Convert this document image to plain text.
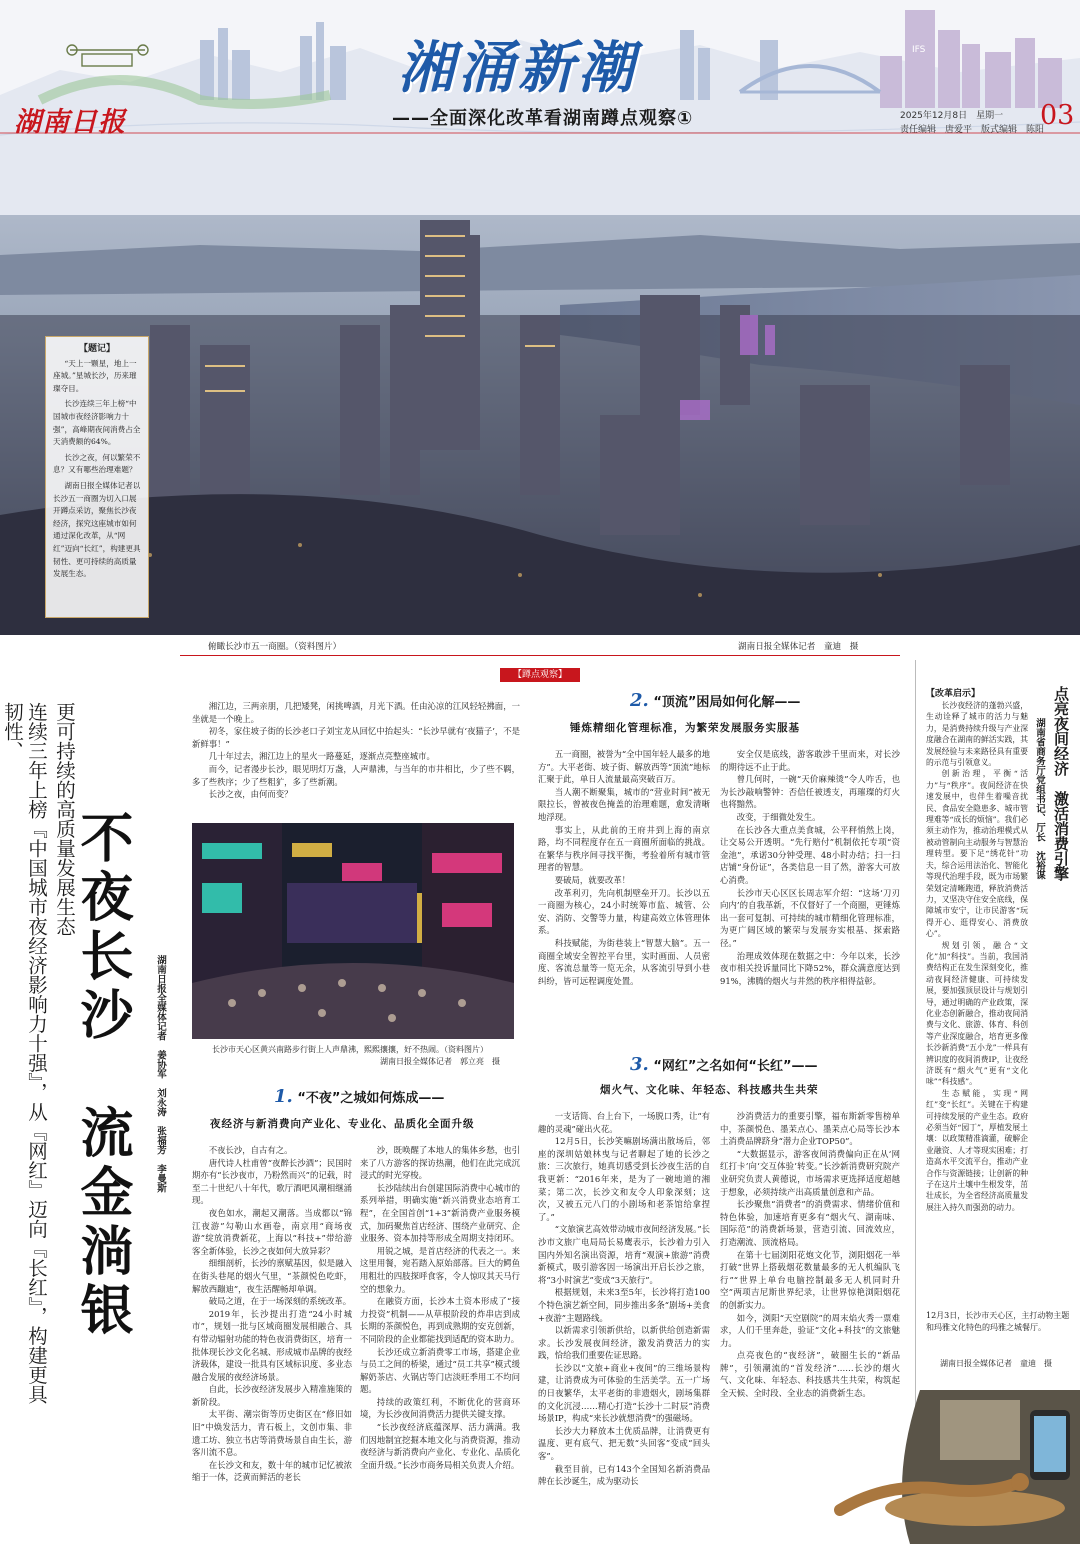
IFS
湖南日报
湘涌新潮
——全面深化改革看湖南蹲点观察①	2025年12月8日　星期一
责任编辑　唐爱平　版式编辑　陈阳
03
【题记】

“天上一颗星，地上一座城。”星城长沙，历来璀璨夺目。

长沙连续三年上榜“中国城市夜经济影响力十强”，高峰期夜间消费占全天消费额的64%。

长沙之夜，何以繁荣不息？又有哪些治理难题？

湖南日报全媒体记者以长沙五一商圈为切入口展开蹲点采访，聚焦长沙夜经济，探究这座城市如何通过深化改革，从“网红”迈向“长红”，构建更具韧性、更可持续的高质量发展生态。

俯瞰长沙市五一商圈。（资料图片）	湖南日报全媒体记者　童迪　摄
【蹲点观察】
更可持续的高质量发展生态
连续三年上榜『中国城市夜经济影响力十强』，从『网红』迈向『长红』，构建更具韧性、
不夜长沙　流金淌银	湖南日报全媒体记者　姜协军　刘永涛　张福芳　李曼斯

湘江边，三两亲朋，几把矮凳，闲挑啤酒，月光下酒。任由沁凉的江风轻轻拂面，一坐就是一个晚上。

初冬，家住坡子街的长沙老口子刘宝龙从回忆中抬起头：“长沙早就有‘夜猫子’，不是新鲜事！”

几十年过去，湘江边上的星火一路蔓延，逐渐点亮整座城市。

而今，记者漫步长沙，眼见明灯万盏，人声鼎沸，与当年的市井相比，少了些不羁，多了些秩序；少了些粗犷，多了些新潮。

长沙之夜，由何而变？

长沙市天心区黄兴南路步行街上人声鼎沸，熙熙攘攘，好不热闹。（资料图片）
湖南日报全媒体记者　郭立亮　摄
1. “不夜”之城如何炼成——
夜经济与新消费向产业化、专业化、品质化全面升级

不夜长沙，自古有之。

唐代诗人杜甫曾“夜醉长沙酒”；民国时期亦有“长沙夜市，乃粉然而兴”的记载，时至二十世纪八十年代，歌厅酒吧风潮相继涌现。

夜色如水，潮起又潮落。当成都以“锦江夜游”勾勒山水画卷，南京用“商场夜游”绽放消费新花，上海以“科技+”带给游客全新体验，长沙之夜如何大放异彩？

细细剖析，长沙的禀赋基因，似是融入在街头巷尾的烟火气里，“茶颜悦色吃虾，解放西蹦迪”，夜生活醒畅却单调。

破局之道，在于一场深刻的系统改革。

2019年，长沙提出打造“24小时城市”，规划一批与区域商圈发展相融合、具有带动辐射功能的特色夜消费街区，培育一批体现长沙文化名城、形成城市品牌的夜经济载体，建设一批具有区域标识度、多业态融合发展的夜经济场景。

自此，长沙夜经济发展步入精准施策的新阶段。

太平街、潮宗街等历史街区在“修旧如旧”中焕发活力，青石板上，文创市集、非遗工坊、独立书店等消费场景自由生长，游客川流不息。

在长沙文和友，数十年的城市记忆被浓缩于一体，泛黄而鲜活的老长

沙，既唤醒了本地人的集体乡愁，也引来了八方游客的探访热潮，他们在此完成沉浸式的时光穿梭。

长沙陆续出台创建国际消费中心城市的系列举措，明确实施“新兴消费业态培育工程”，在全国首创“1+3”新消费产业服务模式，加码聚焦首店经济、围绕产业研究、企业服务、资本加持等形成全周期支持闭环。

用锐之城，是首店经济的代表之一。来这里用餐，宛若踏入原始部落。巨大的鳄鱼用粗壮的四肢探呼食客，令人惊叹其天马行空的想象力。

在融资方面，长沙本土资本形成了“接力投资”机制——从草根阶段的炸串店到成长期的茶颜悦色，再到成熟期的安克创新，不同阶段的企业都能找到适配的资本助力。

长沙还成立新消费零工市场，搭建企业与员工之间的桥梁，通过“员工共享”模式缓解奶茶店、火锅店等门店淡旺季用工不均问题。

持续的政策红利，不断优化的营商环境，为长沙夜间消费活力提供关键支撑。

“长沙夜经济底蕴深厚、活力满满。我们因地制宜挖掘本地文化与消费资源，推动夜经济与新消费向产业化、专业化、品质化全面升级。”长沙市商务局相关负责人介绍。

2. “顶流”困局如何化解——
锤炼精细化管理标准，为繁荣发展服务实服基

五一商圈，被誉为“全中国年轻人最多的地方”。大平老街、坡子街、解放西等“顶流”地标汇聚于此，单日人流量最高突破百万。

当人潮不断聚集，城市的“营业时间”被无限拉长，曾被夜色掩盖的治理难题，愈发清晰地浮现。

事实上，从此前的王府井到上海的南京路，均不同程度存在五一商圈所面临的挑战。在繁华与秩序间寻找平衡，考验着所有城市管理者的智慧。

要破局，就要改革！

改革利刃，先向机制壁垒开刀。长沙以五一商圈为核心，24小时统筹市监、城管、公安、消防、交警等力量，构建高效立体管理体系。

科技赋能，为街巷装上“智慧大脑”。五一商圈全域安全智控平台里，实时画面、人员密度、客流总量等一览无余，从客流引导到小巷纠纷，皆可远程调度处置。

安全仅是底线，游客敢涉千里而来，对长沙的期待远不止于此。

曾几何时，一碗“天价麻辣烫”令人咋舌，也为长沙敲响警钟：否信任被透支，再璀璨的灯火也将黯然。

改变，于细微处发生。

在长沙各大重点美食城，公平秤悄然上岗，让交易公开透明。“先行赔付”机制依托专项“资金池”，承诺30分钟受理、48小时办结；扫一扫店铺“身份证”，各类信息一目了然，游客大可放心消费。

长沙市天心区区长周志军介绍：“这场‘刀刃向内’的自我革新，不仅督好了一个商圈，更锤炼出一套可复制、可持续的城市精细化管理标准，为更广阔区域的繁荣与发展夯实根基、探索路径。”

治理成效体现在数据之中：今年以来，长沙夜市相关投诉量同比下降52%，群众满意度达到91%，沸腾的烟火与井然的秩序相得益彰。

3. “网红”之名如何“长红”——
烟火气、文化味、年轻态、科技感共生共荣

一支话筒、台上台下，一场脱口秀，让“有趣的灵魂”碰出火花。

12月5日，长沙笑嘛剧场满出散场后，邻座的深圳姑娘林曳与记者聊起了她的长沙之旅：三次旅行，她真切感受到长沙夜生活的自我更新：“2016年来，是为了一碗地道的湘菜；第二次，长沙文和友令人印象深刻；这次，又被五元八门的小剧场和老茶馆给拿捏了。”

“文旅演艺高效带动城市夜间经济发展。”长沙市文旅广电局局长易鹰表示，长沙着力引入国内外知名演出资源，培育“观演+旅游”消费新模式，吸引游客因一场演出开启长沙之旅，将“3小时演艺”变成“3天旅行”。

根据规划，未来3至5年，长沙将打造100个特色演艺新空间，同步推出多条“剧场+美食+夜游”主题路线。

以新需求引领新供给，以新供给创造新需求。长沙发展夜间经济，激发消费活力的实践，恰给我们重要佐证思路。

长沙以“文旅+商业+夜间”的三维场景构建，让消费成为可体验的生活美学。五一广场的日夜繁华，太平老街的非遗烟火，剧场集群的文化沉浸……精心打造“长沙十二时辰”消费场景IP，构成“来长沙就想消费”的强磁场。

长沙大力释放本土优质品牌，让消费更有温度、更有底气、把无数“头回客”变成“回头客”。

截至目前，已有143个全国知名新消费品牌在长沙诞生，成为驱动长

沙消费活力的重要引擎，福布斯新零售榜单中，茶颜悦色、墨茉点心、墨茉点心局等长沙本土消费品牌跻身“潜力企业TOP50”。

“大数据显示，游客夜间消费偏向正在从‘网红打卡’向‘交互体验’转变。”长沙新消费研究院产业研究负责人黄德说，市场需求更选择适度超越于想象，必须持续产出高质量创意和产品。

长沙聚焦“消费者”的消费需求、情绪价值和特色体验，加速培育更多有“烟火气、湖南味、国际范”的消费新场景，营造引流、回流效应，打造潮流、顶流格局。

在第十七届浏阳花炮文化节，浏阳烟花一举打破“世界上搭载烟花数量最多的无人机编队飞行”“世界上单台电脑控制最多无人机同时升空”两项吉尼斯世界纪录，让世界惊艳浏阳烟花的创新实力。

如今，浏阳“天空剧院”的周末焰火秀一票难求，人们千里奔赴，验证“文化+科技”的文旅魅力。

点亮夜色的“夜经济”，破圈生长的“新品牌”，引领潮流的“首发经济”……长沙的烟火气、文化味、年轻态、科技感共生共荣，构筑起全天候、全时段、全业态的消费新生态。

【改革启示】	点亮夜间经济　激活消费引擎
湖南省商务厅党组书记、厅长　沈裕谋

长沙夜经济的蓬勃兴盛，生动诠释了城市的活力与魅力，是消费持续升级与产业深度融合在湖南的鲜活实践，其发展经验与未来路径具有重要的示范与引领意义。

创新治理，平衡“活力”与“秩序”。夜间经济在快速发展中，也伴生着噪音扰民、食品安全隐患多、城市管理难等“成长的烦恼”。我们必须主动作为，推动治理模式从被动管制向主动服务与智慧治理转型。要下足“绣花针”功夫，综合运用法治化、智能化等现代治理手段，既为市场繁荣划定清晰跑道，释放消费活力，又坚决守住安全底线，保障城市安宁，让市民游客“玩得开心、逛得安心、消费放心”。

规划引领，融合“文化”加“科技”。当前，我国消费结构正在发生深刻变化，推动夜间经济健康、可持续发展，要加强顶层设计与规划引导，通过明确的产业政策，深化业态创新融合，推动夜间消费与文化、旅游、体育、科创等产业深度融合，培育更多像长沙新消费“五小龙”一样具有辨识度的夜间消费IP，让夜经济既有“烟火气”更有“文化味”“科技感”。

生态赋能，实现“网红”变“长红”。关键在于构建可持续发展的产业生态。政府必须当好“园丁”，厚植发展土壤：以政策精准滴灌，破解企业融资、人才等现实困难；打造高水平交流平台，推动产业合作与资源链接；让创新的种子在这片土壤中生根发芽，茁壮成长，为全省经济高质量发展注入持久而强劲的动力。

12月3日，长沙市天心区，主打动物主题和玛雅文化特色的玛雅之城餐厅。
湖南日报全媒体记者　童迪　摄
